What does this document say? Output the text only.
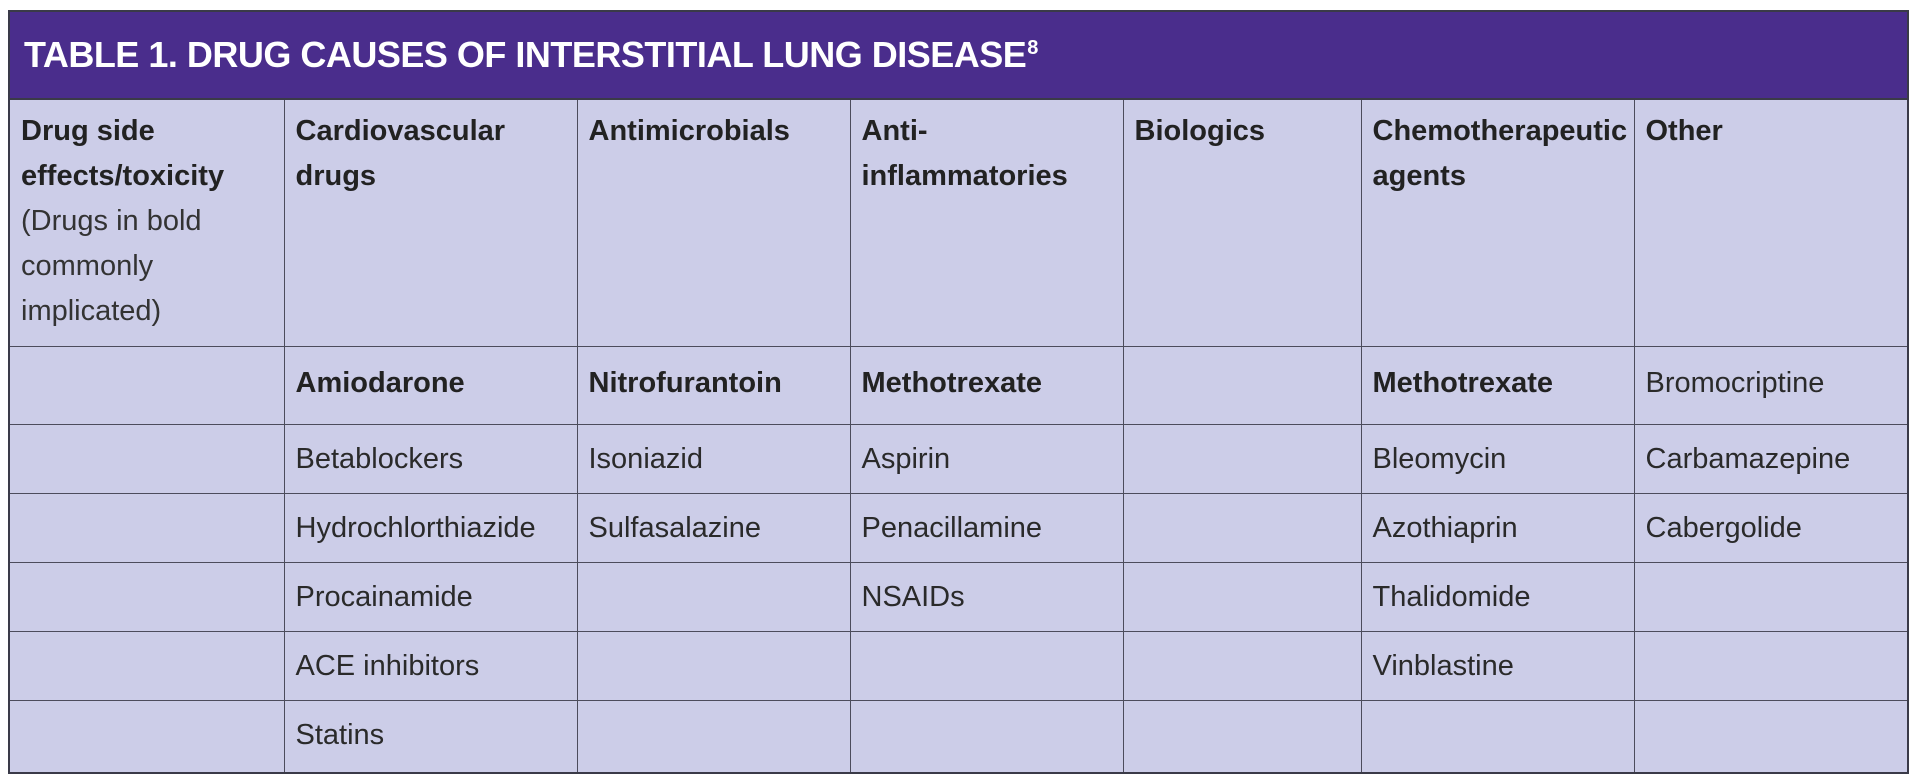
TABLE 1. DRUG CAUSES OF INTERSTITIAL LUNG DISEASE$^8$
Drug side effects/toxicity
(Drugs in bold commonly implicated)	Cardiovascular drugs	Antimicrobials	Anti-inflammatories	Biologics	Chemotherapeutic agents	Other

	Amiodarone	Nitrofurantoin	Methotrexate		Methotrexate	Bromocriptine
	Betablockers	Isoniazid	Aspirin		Bleomycin	Carbamazepine
	Hydrochlorthiazide	Sulfasalazine	Penacillamine		Azothiaprin	Cabergolide
	Procainamide		NSAIDs		Thalidomide	
	ACE inhibitors				Vinblastine	
	Statins					
